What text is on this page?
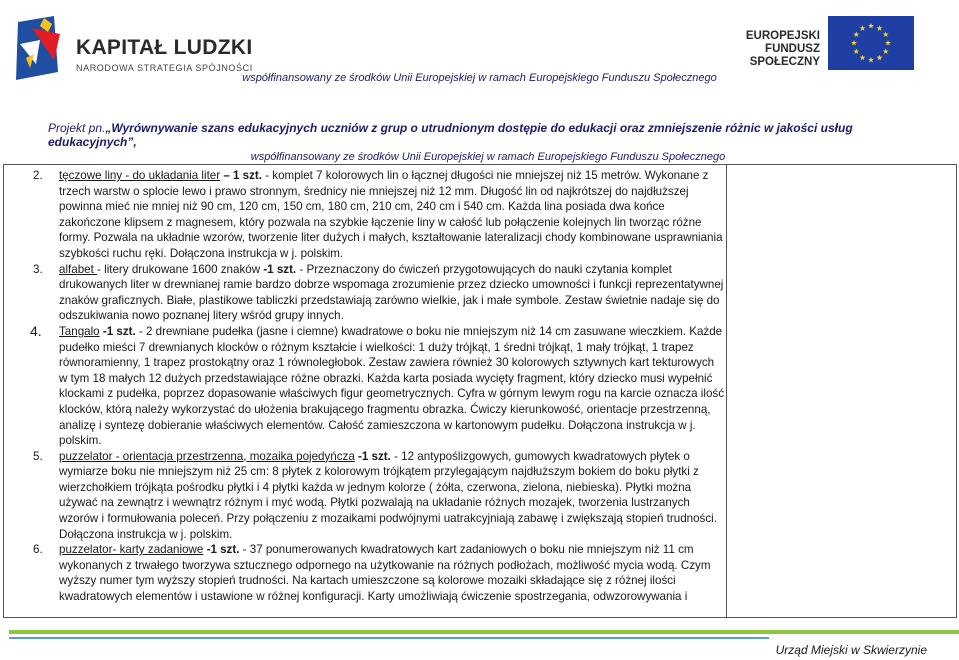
KAPITAŁ LUDZKI
NARODOWA STRATEGIA SPÓJNOŚCI
współfinansowany ze środków Unii Europejskiej w ramach Europejskiego Funduszu Społecznego
EUROPEJSKI
FUNDUSZ SPOŁECZNY
Projekt pn.„Wyrównywanie szans edukacyjnych uczniów z grup o utrudnionym dostępie do edukacji oraz zmniejszenie różnic w jakości usług edukacyjnych”,
współfinansowany ze środków Unii Europejskiej w ramach Europejskiego Funduszu Społecznego
2. tęczowe liny - do układania liter – 1 szt. - komplet 7 kolorowych lin o łącznej długości nie mniejszej niż 15 metrów. Wykonane z trzech warstw o splocie lewo i prawo stronnym, średnicy nie mniejszej niż 12 mm. Długość lin od najkrótszej do najdłuższej powinna mieć nie mniej niż 90 cm, 120 cm, 150 cm, 180 cm, 210 cm, 240 cm i 540 cm. Każda lina posiada dwa końce zakończone klipsem z magnesem, który pozwala na szybkie łączenie liny w całość lub połączenie kolejnych lin tworząc różne formy. Pozwala na układnie wzorów, tworzenie liter dużych i małych, kształtowanie lateralizacji chody kombinowane usprawniania szybkości ruchu ręki. Dołączona instrukcja w j. polskim.
3. alfabet - litery drukowane 1600 znaków -1 szt. - Przeznaczony do ćwiczeń przygotowujących do nauki czytania komplet drukowanych liter w drewnianej ramie bardzo dobrze wspomaga zrozumienie przez dziecko umowności i funkcji reprezentatywnej znaków graficznych. Białe, plastikowe tabliczki przedstawiają zarówno wielkie, jak i małe symbole. Zestaw świetnie nadaje się do odszukiwania nowo poznanej litery wśród grupy innych.
4. Tangalo -1 szt. - 2 drewniane pudełka (jasne i ciemne) kwadratowe o boku nie mniejszym niż 14 cm zasuwane wieczkiem. Każde pudełko mieści 7 drewnianych klocków o różnym kształcie i wielkości: 1 duży trójkąt, 1 średni trójkąt, 1 mały trójkąt, 1 trapez równoramienny, 1 trapez prostokątny oraz 1 równoległobok. Zestaw zawiera również 30 kolorowych sztywnych kart tekturowych w tym 18 małych 12 dużych przedstawiające różne obrazki. Każda karta posiada wycięty fragment, który dziecko musi wypełnić klockami z pudełka, poprzez dopasowanie właściwych figur geometrycznych. Cyfra w górnym lewym rogu na karcie oznacza ilość klocków, którą należy wykorzystać do ułożenia brakującego fragmentu obrazka. Ćwiczy kierunkowość, orientacje przestrzenną, analizę i syntezę dobieranie właściwych elementów. Całość zamieszczona w kartonowym pudełku. Dołączona instrukcja w j. polskim.
5. puzzelator - orientacja przestrzenna, mozaika pojedyńcza -1 szt. - 12 antypoślizgowych, gumowych kwadratowych płytek o wymiarze boku nie mniejszym niż 25 cm: 8 płytek z kolorowym trójkątem przylegającym najdłuższym bokiem do boku płytki z wierzchołkiem trójkąta pośrodku płytki i 4 płytki każda w jednym kolorze ( żółta, czerwona, zielona, niebieska). Płytki można używać na zewnątrz i wewnątrz różnym i myć wodą. Płytki pozwalają na układanie różnych mozajek, tworzenia lustrzanych wzorów i formułowania poleceń. Przy połączeniu z mozaikami podwójnymi uatrakcyjniają zabawę i zwiększają stopień trudności. Dołączona instrukcja w j. polskim.
6. puzzelator- karty zadaniowe -1 szt. - 37 ponumerowanych kwadratowych kart zadaniowych o boku nie mniejszym niż 11 cm wykonanych z trwałego tworzywa sztucznego odpornego na użytkowanie na różnych podłożach, możliwość mycia wodą. Czym wyższy numer tym wyższy stopień trudności. Na kartach umieszczone są kolorowe mozaiki składające się z różnej ilości kwadratowych elementów i ustawione w różnej konfiguracji. Karty umożliwiają ćwiczenie spostrzegania, odwzorowywania i
Urząd Miejski w Skwierzynie
